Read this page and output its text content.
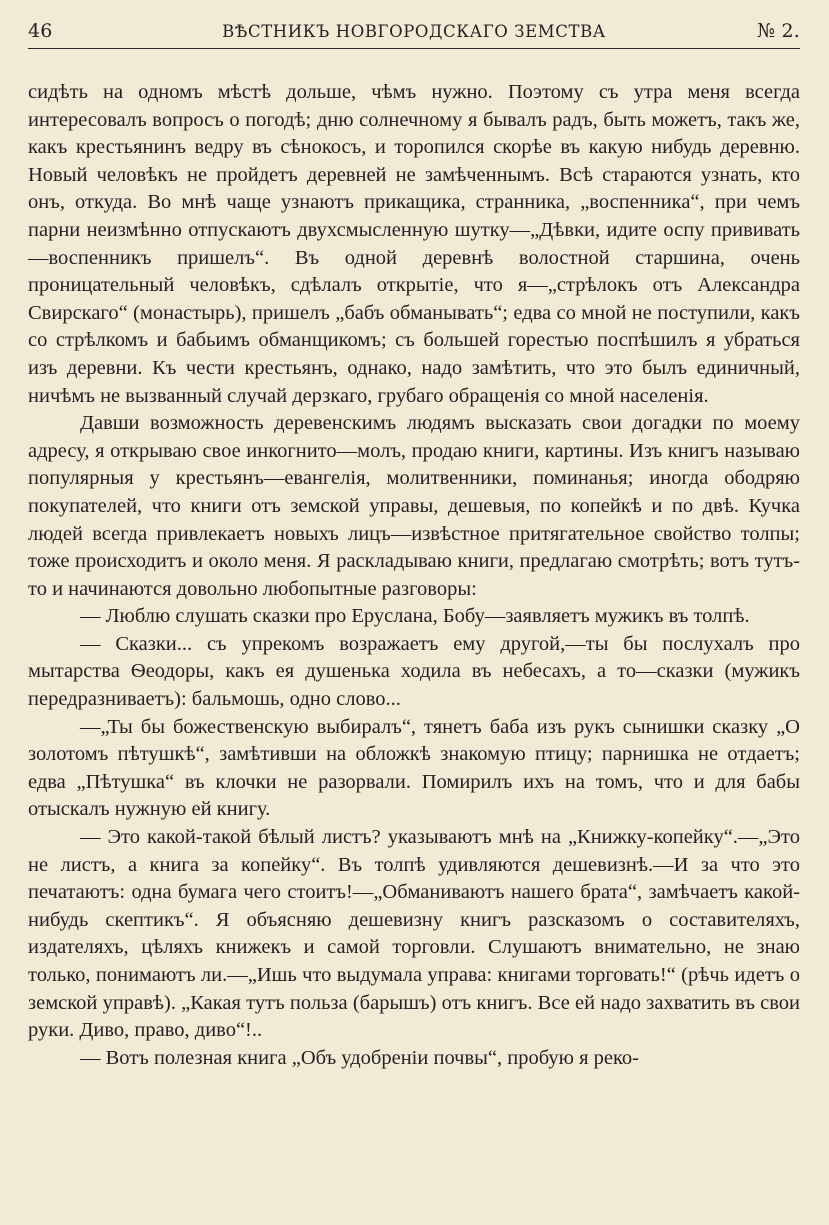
46	ВѢСТНИКЪ НОВГОРОДСКАГО ЗЕМСТВА	№ 2.

сидѣть на одномъ мѣстѣ дольше, чѣмъ нужно. Поэтому съ утра меня всегда интересовалъ вопросъ о погодѣ; дню солнечному я бывалъ радъ, быть можетъ, такъ же, какъ крестьянинъ ведру въ сѣнокосъ, и торопился скорѣе въ какую нибудь деревню. Новый человѣкъ не пройдетъ деревней не замѣченнымъ. Всѣ стараются узнать, кто онъ, откуда. Во мнѣ чаще узнаютъ прикащика, странника, „воспенника“, при чемъ парни неизмѣнно отпускаютъ двухсмысленную шутку—„Дѣвки, идите оспу прививать—воспенникъ пришелъ“. Въ одной деревнѣ волостной старшина, очень проницательный человѣкъ, сдѣлалъ открытіе, что я—„стрѣлокъ отъ Александра Свирскаго“ (монастырь), пришелъ „бабъ обманывать“; едва со мной не поступили, какъ со стрѣлкомъ и бабьимъ обманщикомъ; съ большей горестью поспѣшилъ я убраться изъ деревни. Къ чести крестьянъ, однако, надо замѣтить, что это былъ единичный, ничѣмъ не вызванный случай дерзкаго, грубаго обращенія со мной населенія.

Давши возможность деревенскимъ людямъ высказать свои догадки по моему адресу, я открываю свое инкогнито—молъ, продаю книги, картины. Изъ книгъ называю популярныя у крестьянъ—евангелія, молитвенники, поминанья; иногда ободряю покупателей, что книги отъ земской управы, дешевыя, по копейкѣ и по двѣ. Кучка людей всегда привлекаетъ новыхъ лицъ—извѣстное притягательное свойство толпы; тоже происходитъ и около меня. Я раскладываю книги, предлагаю смотрѣть; вотъ тутъ-то и начинаются довольно любопытные разговоры:

— Люблю слушать сказки про Еруслана, Бобу—заявляетъ мужикъ въ толпѣ.

— Сказки... съ упрекомъ возражаетъ ему другой,—ты бы послухалъ про мытарства Ѳеодоры, какъ ея душенька ходила въ небесахъ, а то—сказки (мужикъ передразниваетъ): бальмошь, одно слово...

—„Ты бы божественскую выбиралъ“, тянетъ баба изъ рукъ сынишки сказку „О золотомъ пѣтушкѣ“, замѣтивши на обложкѣ знакомую птицу; парнишка не отдаетъ; едва „Пѣтушка“ въ клочки не разорвали. Помирилъ ихъ на томъ, что и для бабы отыскалъ нужную ей книгу.

— Это какой-такой бѣлый листъ? указываютъ мнѣ на „Книжку-копейку“.—„Это не листъ, а книга за копейку“. Въ толпѣ удивляются дешевизнѣ.—И за что это печатаютъ: одна бумага чего стоитъ!—„Обманиваютъ нашего брата“, замѣчаетъ какой-нибудь скептикъ“. Я объясняю дешевизну книгъ разсказомъ о составителяхъ, издателяхъ, цѣляхъ книжекъ и самой торговли. Слушаютъ внимательно, не знаю только, понимаютъ ли.—„Ишь что выдумала управа: книгами торговать!“ (рѣчь идетъ о земской управѣ). „Какая тутъ польза (барышъ) отъ книгъ. Все ей надо захватить въ свои руки. Диво, право, диво“!..

— Вотъ полезная книга „Объ удобреніи почвы“, пробую я реко-
